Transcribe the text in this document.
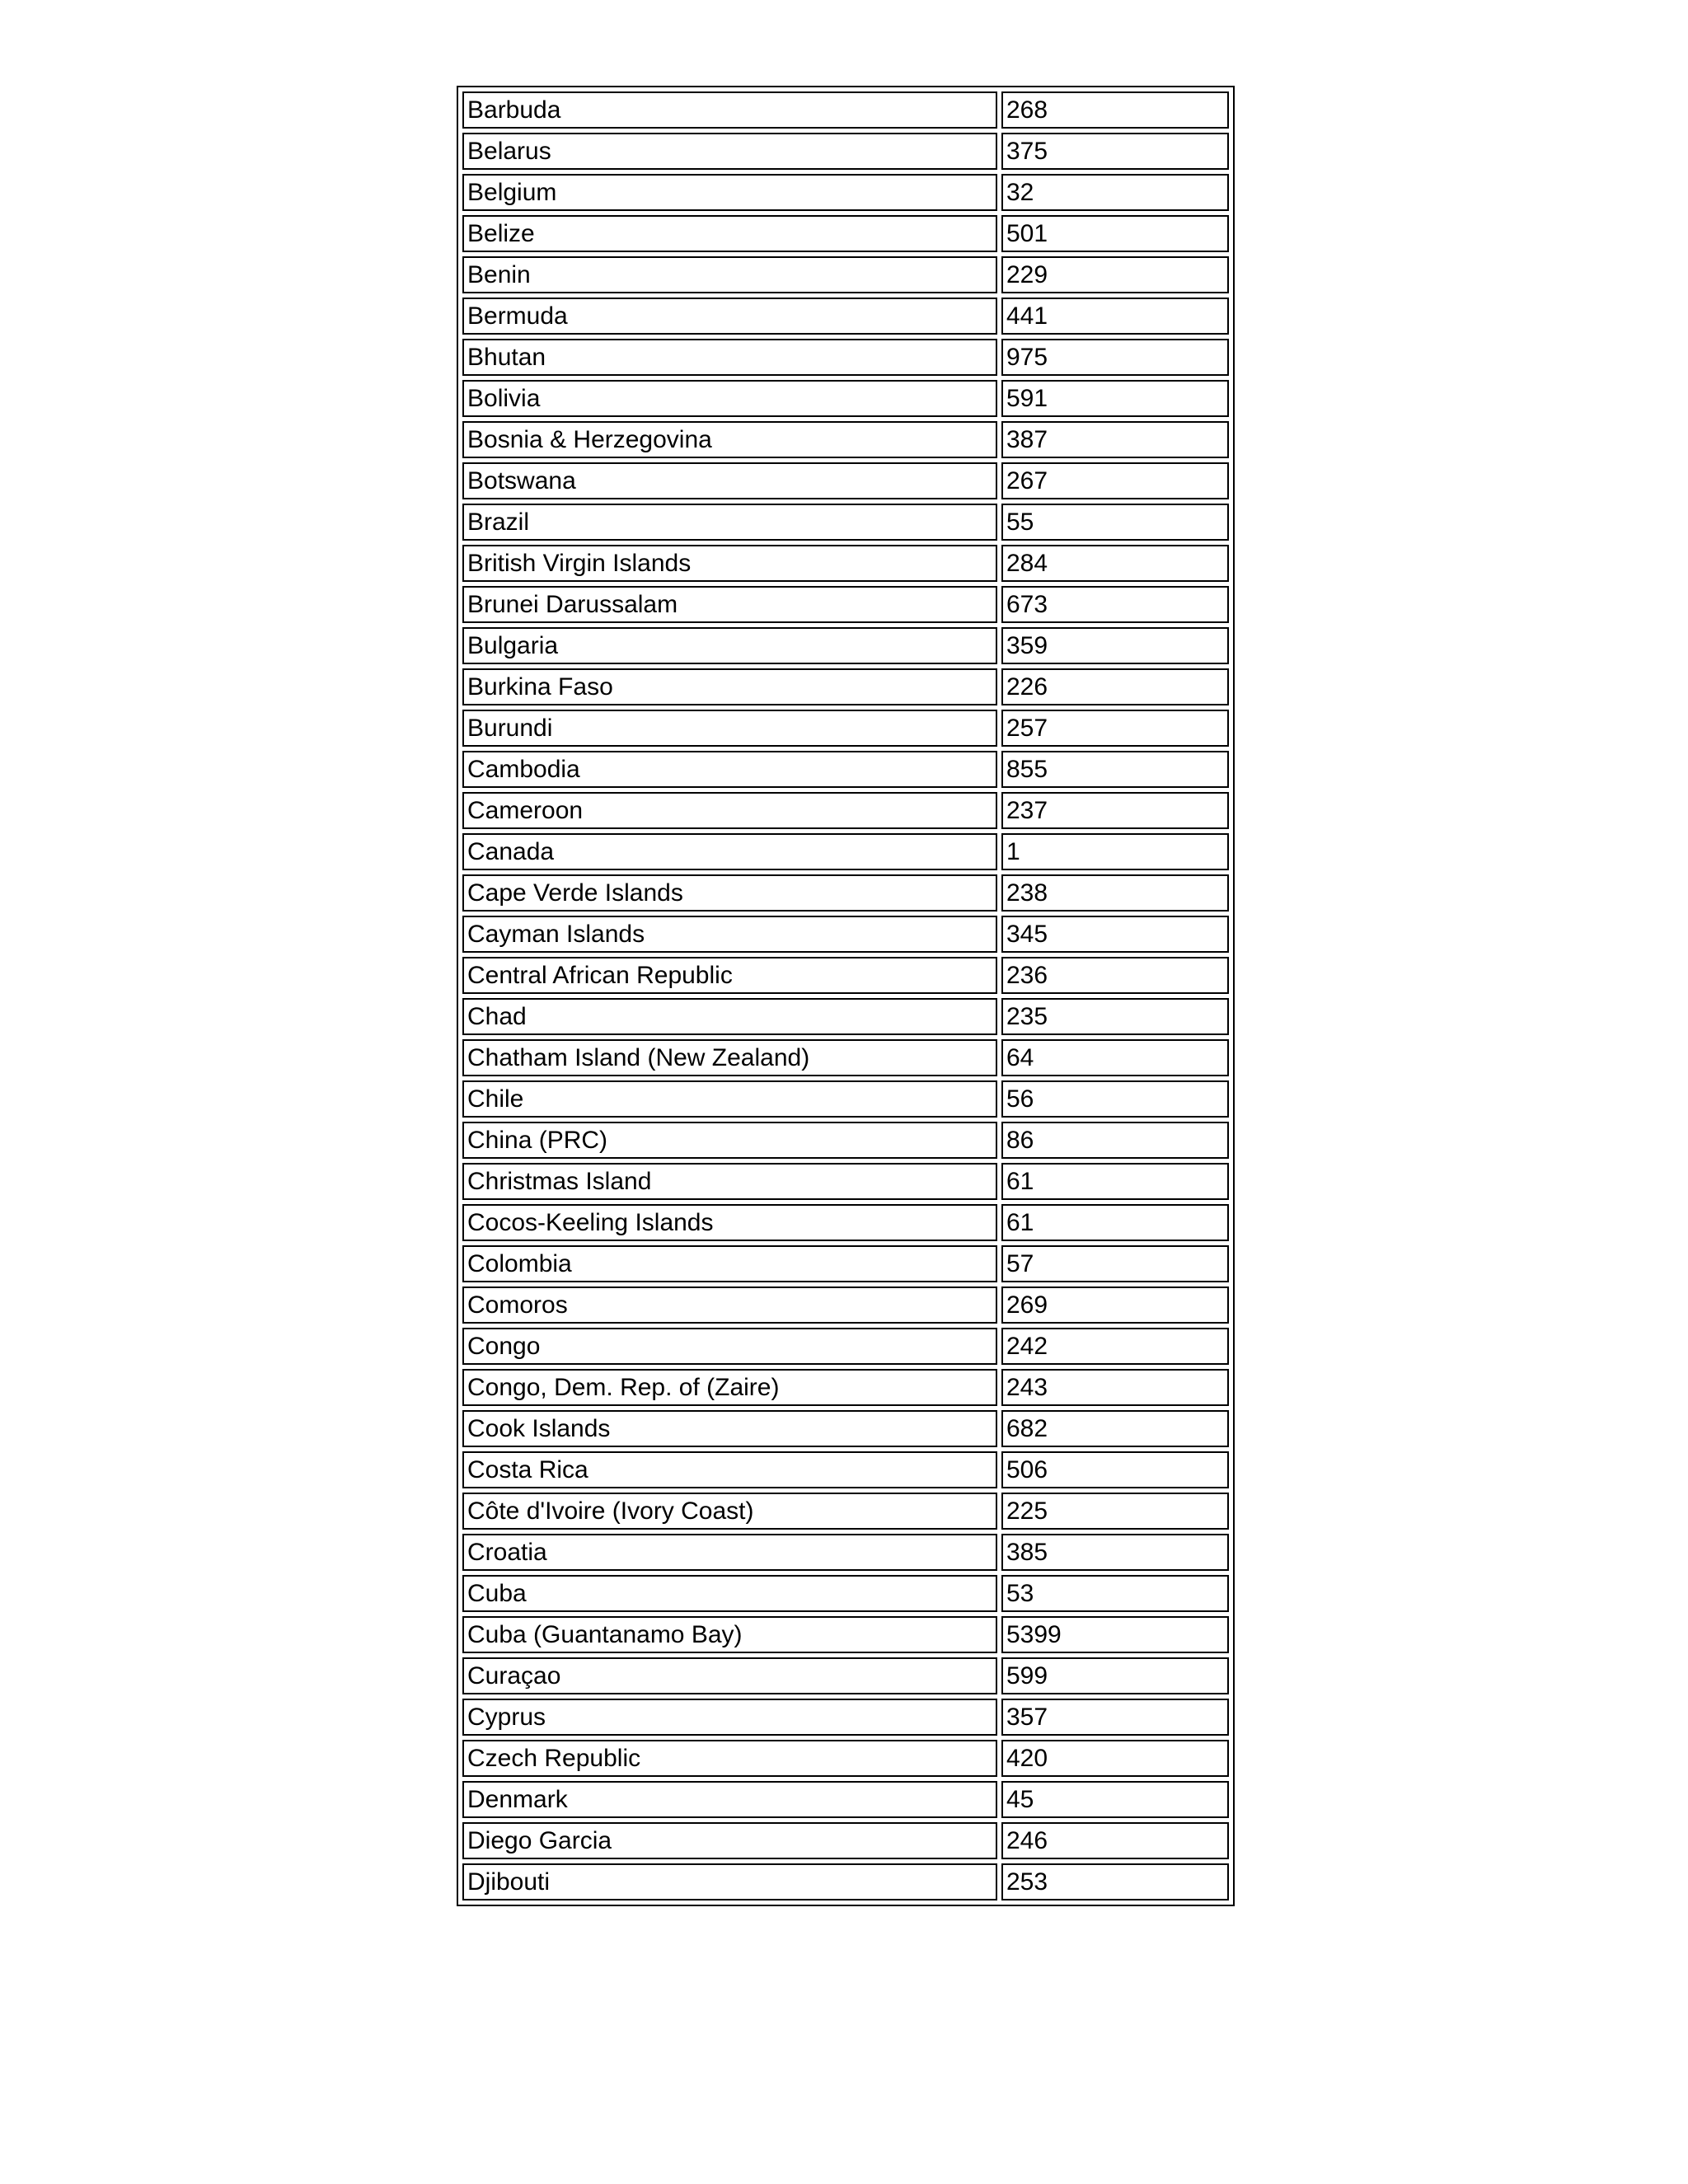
Barbuda	268
Belarus	375
Belgium	32
Belize	501
Benin	229
Bermuda	441
Bhutan	975
Bolivia	591
Bosnia & Herzegovina	387
Botswana	267
Brazil	55
British Virgin Islands	284
Brunei Darussalam	673
Bulgaria	359
Burkina Faso	226
Burundi	257
Cambodia	855
Cameroon	237
Canada	1
Cape Verde Islands	238
Cayman Islands	345
Central African Republic	236
Chad	235
Chatham Island (New Zealand)	64
Chile	56
China (PRC)	86
Christmas Island	61
Cocos-Keeling Islands	61
Colombia	57
Comoros	269
Congo	242
Congo, Dem. Rep. of (Zaire)	243
Cook Islands	682
Costa Rica	506
Côte d'Ivoire (Ivory Coast)	225
Croatia	385
Cuba	53
Cuba (Guantanamo Bay)	5399
Curaçao	599
Cyprus	357
Czech Republic	420
Denmark	45
Diego Garcia	246
Djibouti	253
